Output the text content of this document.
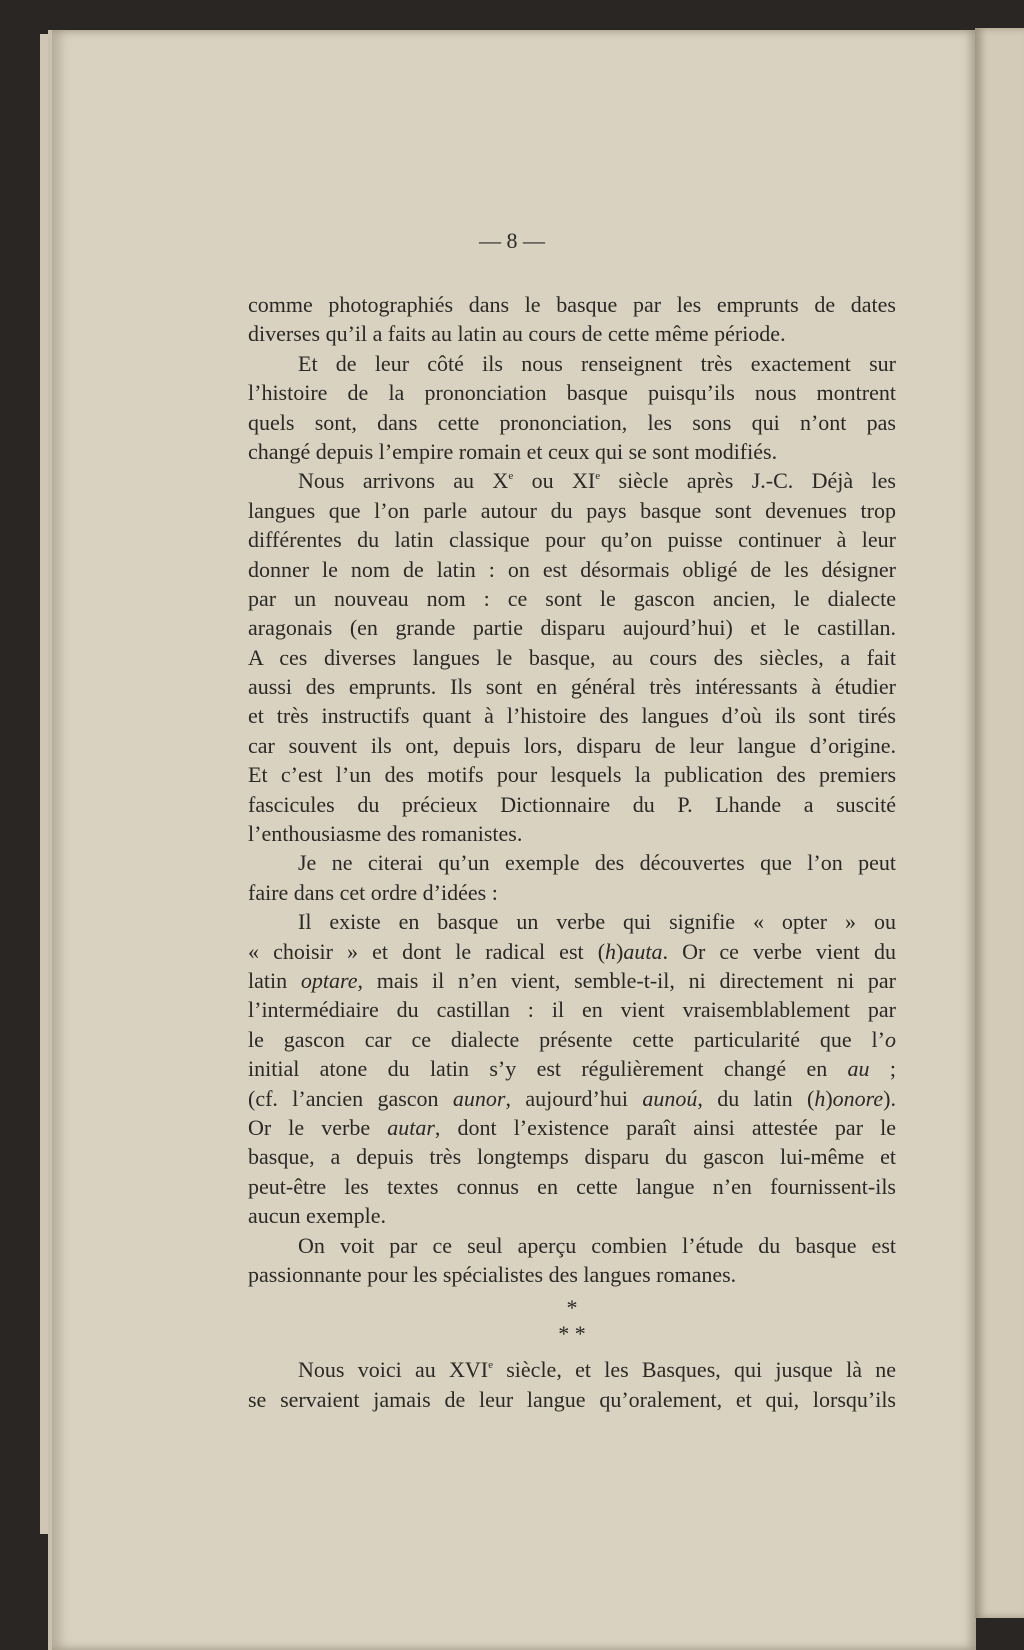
— 8 —
comme photographiés dans le basque par les emprunts de dates
diverses qu’il a faits au latin au cours de cette même période.
Et de leur côté ils nous renseignent très exactement sur
l’histoire de la prononciation basque puisqu’ils nous montrent
quels sont, dans cette prononciation, les sons qui n’ont pas
changé depuis l’empire romain et ceux qui se sont modifiés.
Nous arrivons au Xe ou XIe siècle après J.-C. Déjà les
langues que l’on parle autour du pays basque sont devenues trop
différentes du latin classique pour qu’on puisse continuer à leur
donner le nom de latin : on est désormais obligé de les désigner
par un nouveau nom : ce sont le gascon ancien, le dialecte
aragonais (en grande partie disparu aujourd’hui) et le castillan.
A ces diverses langues le basque, au cours des siècles, a fait
aussi des emprunts. Ils sont en général très intéressants à étudier
et très instructifs quant à l’histoire des langues d’où ils sont tirés
car souvent ils ont, depuis lors, disparu de leur langue d’origine.
Et c’est l’un des motifs pour lesquels la publication des premiers
fascicules du précieux Dictionnaire du P. Lhande a suscité
l’enthousiasme des romanistes.
Je ne citerai qu’un exemple des découvertes que l’on peut
faire dans cet ordre d’idées :
Il existe en basque un verbe qui signifie « opter » ou
« choisir » et dont le radical est (h)auta. Or ce verbe vient du
latin optare, mais il n’en vient, semble-t-il, ni directement ni par
l’intermédiaire du castillan : il en vient vraisemblablement par
le gascon car ce dialecte présente cette particularité que l’o
initial atone du latin s’y est régulièrement changé en au ;
(cf. l’ancien gascon aunor, aujourd’hui aunoú, du latin (h)onore).
Or le verbe autar, dont l’existence paraît ainsi attestée par le
basque, a depuis très longtemps disparu du gascon lui-même et
peut-être les textes connus en cette langue n’en fournissent-ils
aucun exemple.
On voit par ce seul aperçu combien l’étude du basque est
passionnante pour les spécialistes des langues romanes.
*
* *
Nous voici au XVIe siècle, et les Basques, qui jusque là ne
se servaient jamais de leur langue qu’oralement, et qui, lorsqu’ils
